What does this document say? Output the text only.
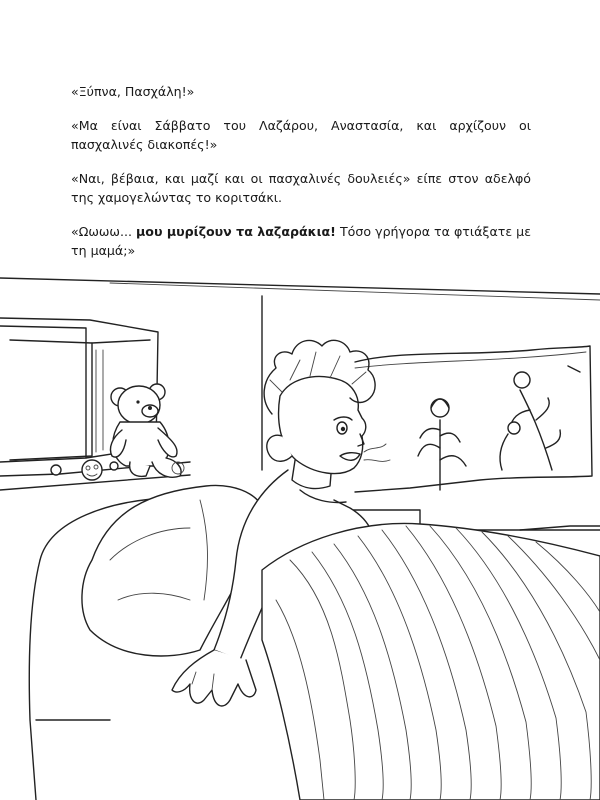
«Ξύπνα, Πασχάλη!»

«Μα είναι Σάββατο του Λαζάρου, Αναστασία, και αρχίζουν οι πασχαλινές διακοπές!»

«Ναι, βέβαια, και μαζί και οι πασχαλινές δουλειές» είπε στον αδελφό της χαμογελώντας το κοριτσάκι.

«Ωωωω... μου μυρίζουν τα λαζαράκια! Τόσο γρήγορα τα φτιάξατε με τη μαμά;»
